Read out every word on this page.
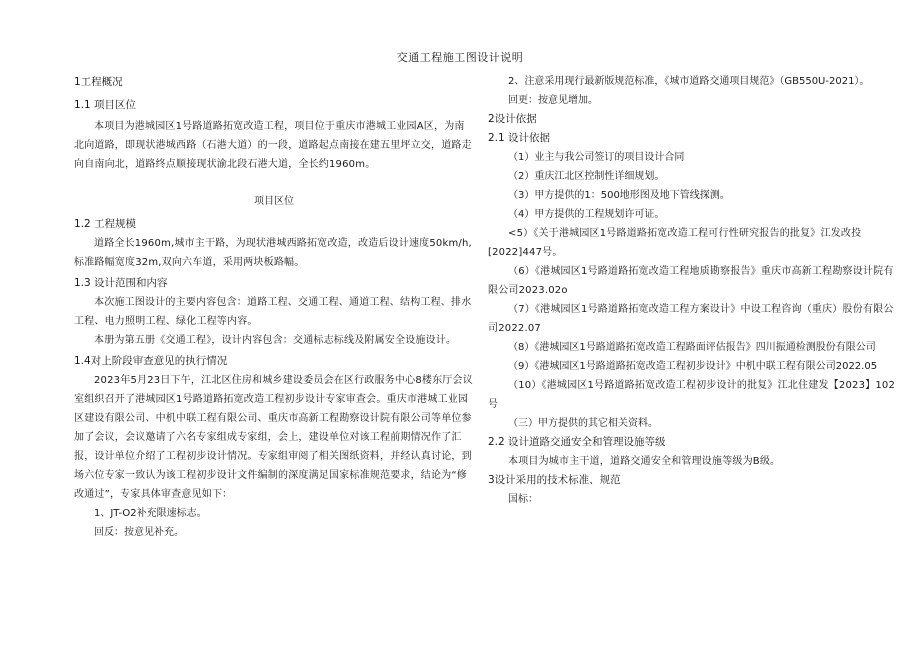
交通工程施工图设计说明
1工程概况
1.1 项目区位

本项目为港城园区1号路道路拓宽改造工程，项目位于重庆市港城工业园A区，为南北向道路，即现状港城西路（石港大道）的一段，道路起点南接在建五里坪立交，道路走向自南向北，道路终点顺接现状渝北段石港大道，全长约1960m。

项目区位

1.2 工程规模

道路全长1960m,城市主干路，为现状港城西路拓宽改造，改造后设计速度50km/h,标准路幅宽度32m,双向六车道，采用两块板路幅。

1.3 设计范围和内容

本次施工图设计的主要内容包含：道路工程、交通工程、通道工程、结构工程、排水工程、电力照明工程、绿化工程等内容。

本册为第五册《交通工程》，设计内容包含：交通标志标线及附属安全设施设计。

1.4对上阶段审查意见的执行情况

2023年5月23日下午，江北区住房和城乡建设委员会在区行政服务中心8楼东厅会议室组织召开了港城园区1号路道路拓宽改造工程初步设计专家审查会。重庆市港城工业园区建设有限公司、中机中联工程有限公司、重庆市高新工程勘察设计院有限公司等单位参加了会议，会议邀请了六名专家组成专家组，会上，建设单位对该工程前期情况作了汇报，设计单位介绍了工程初步设计情况。专家组审阅了相关图纸资料，并经认真讨论，到场六位专家一致认为该工程初步设计文件编制的深度满足国家标准规范要求，结论为“修改通过”，专家具体审查意见如下：

1、JT-O2补充限速标志。

回反：按意见补充。

2、注意采用现行最新版规范标准，《城市道路交通项目规范》（GB550U-2021）。

回更：按意见增加。

2设计依据
2.1 设计依据

（1）业主与我公司签订的项目设计合同

（2）重庆江北区控制性详细规划。

（3）甲方提供的1：500地形图及地下管线探测。

（4）甲方提供的工程规划许可证。

<5）《关于港城园区1号路道路拓宽改造工程可行性研究报告的批复》江发改投[2022]447号。

（6）《港城园区1号路道路拓宽改造工程地质勘察报告》重庆市高新工程勘察设计院有限公司2023.02o

（7）《港城园区1号路道路拓宽改造工程方案设计》中设工程咨询（重庆）股份有限公司2022.07

（8）《港城园区1号路道路拓宽改造工程路面评估报告》四川振通检测股份有限公司

（9）《港城园区1号路道路拓宽改造工程初步设计》中机中联工程有限公司2022.05

（10）《港城园区1号路道路拓宽改造工程初步设计的批复》江北住建发【2023】102号

（三）甲方提供的其它相关资料。

2.2 设计道路交通安全和管理设施等级

本项目为城市主干道，道路交通安全和管理设施等级为B级。

3设计采用的技术标准、规范

国标：
